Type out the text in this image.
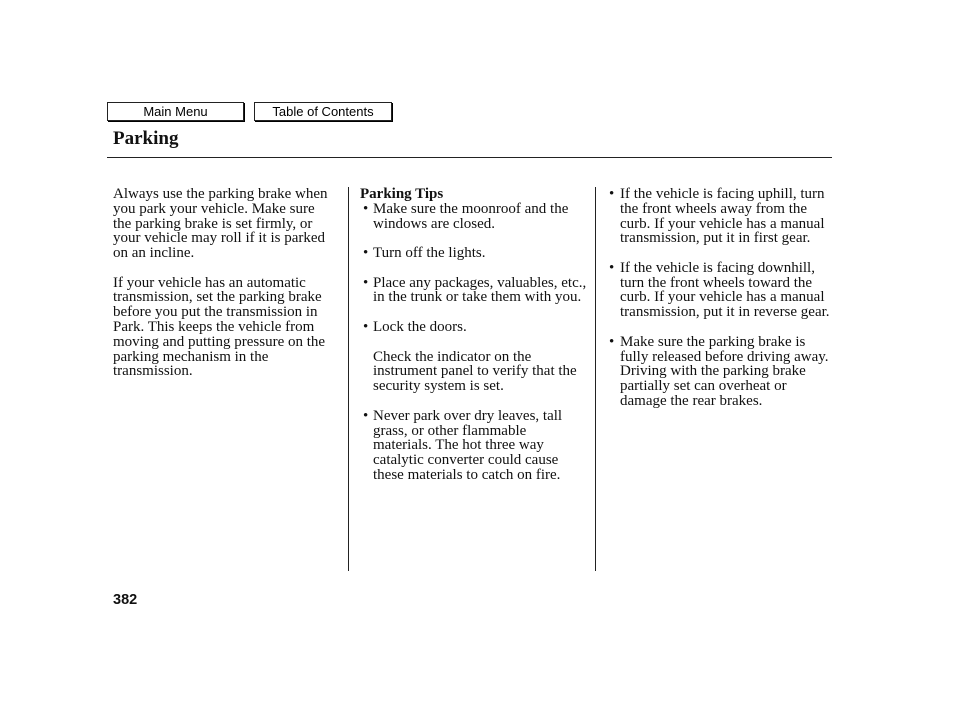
Main Menu	Table of Contents
Parking
Always use the parking brake when
you park your vehicle. Make sure
the parking brake is set firmly, or
your vehicle may roll if it is parked
on an incline.
If your vehicle has an automatic
transmission, set the parking brake
before you put the transmission in
Park. This keeps the vehicle from
moving and putting pressure on the
parking mechanism in the
transmission.
Parking Tips
• Make sure the moonroof and the
windows are closed.
• Turn off the lights.
• Place any packages, valuables, etc.,
in the trunk or take them with you.
• Lock the doors.
Check the indicator on the
instrument panel to verify that the
security system is set.
• Never park over dry leaves, tall
grass, or other flammable
materials. The hot three way
catalytic converter could cause
these materials to catch on fire.
• If the vehicle is facing uphill, turn
the front wheels away from the
curb. If your vehicle has a manual
transmission, put it in first gear.
• If the vehicle is facing downhill,
turn the front wheels toward the
curb. If your vehicle has a manual
transmission, put it in reverse gear.
• Make sure the parking brake is
fully released before driving away.
Driving with the parking brake
partially set can overheat or
damage the rear brakes.
382
